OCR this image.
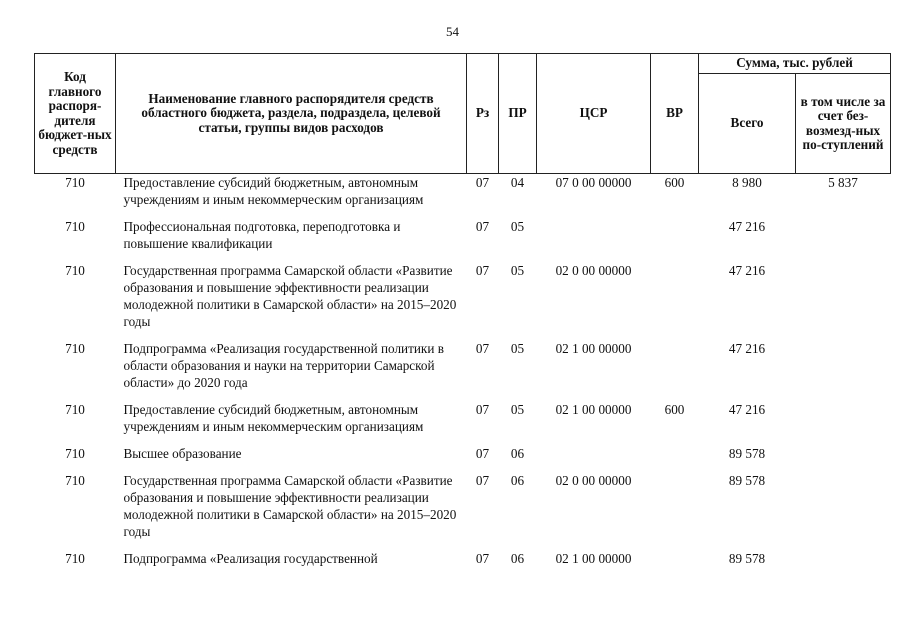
54
Код главного распоря-дителя бюджет-ных средств	Наименование главного распорядителя средств областного бюджета, раздела, подраздела, целевой статьи, группы видов расходов	Рз	ПР	ЦСР	ВР	Сумма, тыс. рублей	
						Всего	в том числе за счет без-возмезд-ных по-ступлений
710	Предоставление субсидий бюджетным, автономным учреждениям и иным некоммерческим организациям	07	04	07 0 00 00000	600	8 980	5 837
710	Профессиональная подготовка, переподготовка и повышение квалификации	07	05			47 216	
710	Государственная программа Самарской области «Развитие образования и повышение эффективности реализации молодежной политики в Самарской области» на 2015–2020 годы	07	05	02 0 00 00000		47 216	
710	Подпрограмма «Реализация государственной политики в области образования и науки на территории Самарской области» до 2020 года	07	05	02 1 00 00000		47 216	
710	Предоставление субсидий бюджетным, автономным учреждениям и иным некоммерческим организациям	07	05	02 1 00 00000	600	47 216	
710	Высшее образование	07	06			89 578	
710	Государственная программа Самарской области «Развитие образования и повышение эффективности реализации молодежной политики в Самарской области» на 2015–2020 годы	07	06	02 0 00 00000		89 578	
710	Подпрограмма «Реализация государственной	07	06	02 1 00 00000		89 578	
